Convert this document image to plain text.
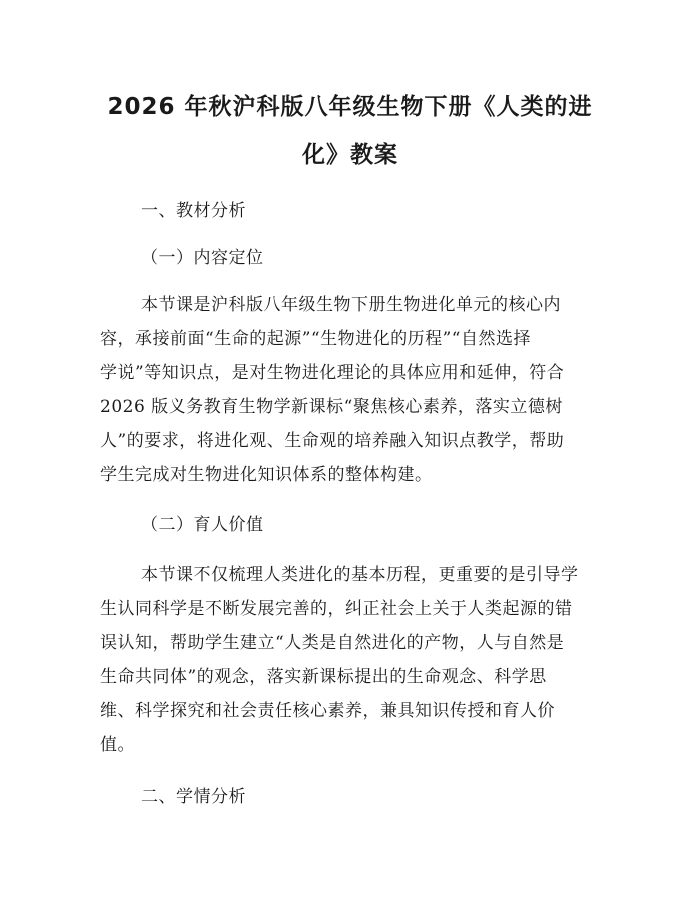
2026 年秋沪科版八年级生物下册《人类的进
化》教案

一、教材分析

（一）内容定位

本节课是沪科版八年级生物下册生物进化单元的核心内

容，承接前面“生命的起源”“生物进化的历程”“自然选择

学说”等知识点，是对生物进化理论的具体应用和延伸，符合

2026 版义务教育生物学新课标“聚焦核心素养，落实立德树

人”的要求，将进化观、生命观的培养融入知识点教学，帮助

学生完成对生物进化知识体系的整体构建。

（二）育人价值

本节课不仅梳理人类进化的基本历程，更重要的是引导学

生认同科学是不断发展完善的，纠正社会上关于人类起源的错

误认知，帮助学生建立“人类是自然进化的产物，人与自然是

生命共同体”的观念，落实新课标提出的生命观念、科学思

维、科学探究和社会责任核心素养，兼具知识传授和育人价

值。

二、学情分析
